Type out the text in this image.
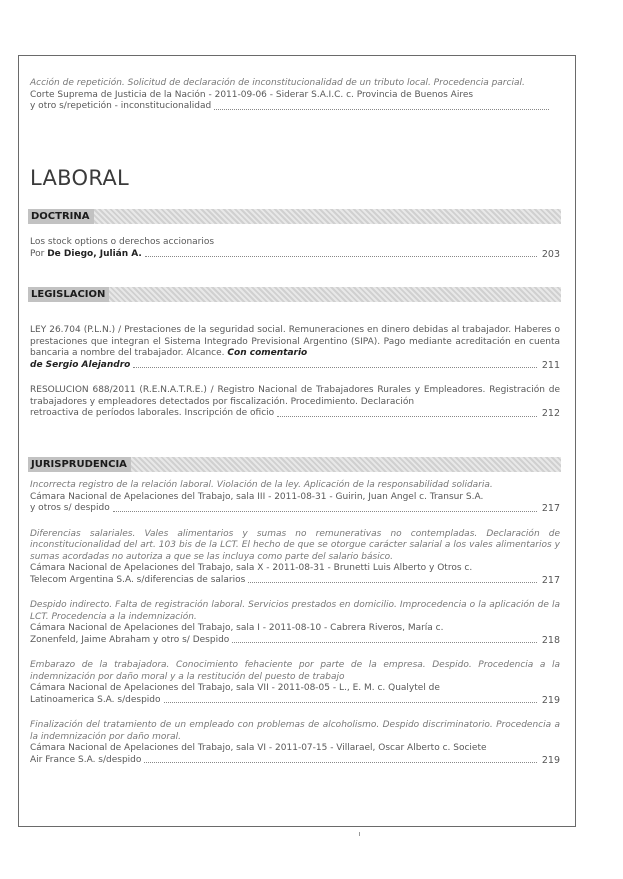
Acción de repetición. Solicitud de declaración de inconstitucionalidad de un tributo local. Procedencia parcial.
Corte Suprema de Justicia de la Nación - 2011-09-06 - Siderar S.A.I.C. c. Provincia de Buenos Aires
y otro s/repetición - inconstitucionalidad
LABORAL
DOCTRINA
Los stock options o derechos accionarios
Por De Diego, Julián A.	203
LEGISLACION
LEY 26.704 (P.L.N.) / Prestaciones de la seguridad social. Remuneraciones en dinero debidas al trabajador. Haberes o prestaciones que integran el Sistema Integrado Previsional Argentino (SIPA). Pago mediante acreditación en cuenta bancaria a nombre del trabajador. Alcance. Con comentario
de Sergio Alejandro	211
RESOLUCION 688/2011 (R.E.N.A.T.R.E.) / Registro Nacional de Trabajadores Rurales y Empleadores. Registración de trabajadores y empleadores detectados por fiscalización. Procedimiento. Declaración
retroactiva de períodos laborales. Inscripción de oficio	212
JURISPRUDENCIA
Incorrecta registro de la relación laboral. Violación de la ley. Aplicación de la responsabilidad solidaria.
Cámara Nacional de Apelaciones del Trabajo, sala III - 2011-08-31 - Guirin, Juan Angel c. Transur S.A.
y otros s/ despido	217
Diferencias salariales. Vales alimentarios y sumas no remunerativas no contempladas. Declaración de inconstitucionalidad del art. 103 bis de la LCT. El hecho de que se otorgue carácter salarial a los vales alimentarios y sumas acordadas no autoriza a que se las incluya como parte del salario básico.
Cámara Nacional de Apelaciones del Trabajo, sala X - 2011-08-31 - Brunetti Luis Alberto y Otros c.
Telecom Argentina S.A. s/diferencias de salarios	217
Despido indirecto. Falta de registración laboral. Servicios prestados en domicilio. Improcedencia o la aplicación de la LCT. Procedencia a la indemnización.
Cámara Nacional de Apelaciones del Trabajo, sala I - 2011-08-10 - Cabrera Riveros, María c.
Zonenfeld, Jaime Abraham y otro s/ Despido	218
Embarazo de la trabajadora. Conocimiento fehaciente por parte de la empresa. Despido. Procedencia a la indemnización por daño moral y a la restitución del puesto de trabajo
Cámara Nacional de Apelaciones del Trabajo, sala VII - 2011-08-05 - L., E. M. c. Qualytel de
Latinoamerica S.A. s/despido	219
Finalización del tratamiento de un empleado con problemas de alcoholismo. Despido discriminatorio. Procedencia a la indemnización por daño moral.
Cámara Nacional de Apelaciones del Trabajo, sala VI - 2011-07-15 - Villarael, Oscar Alberto c. Societe
Air France S.A. s/despido	219
